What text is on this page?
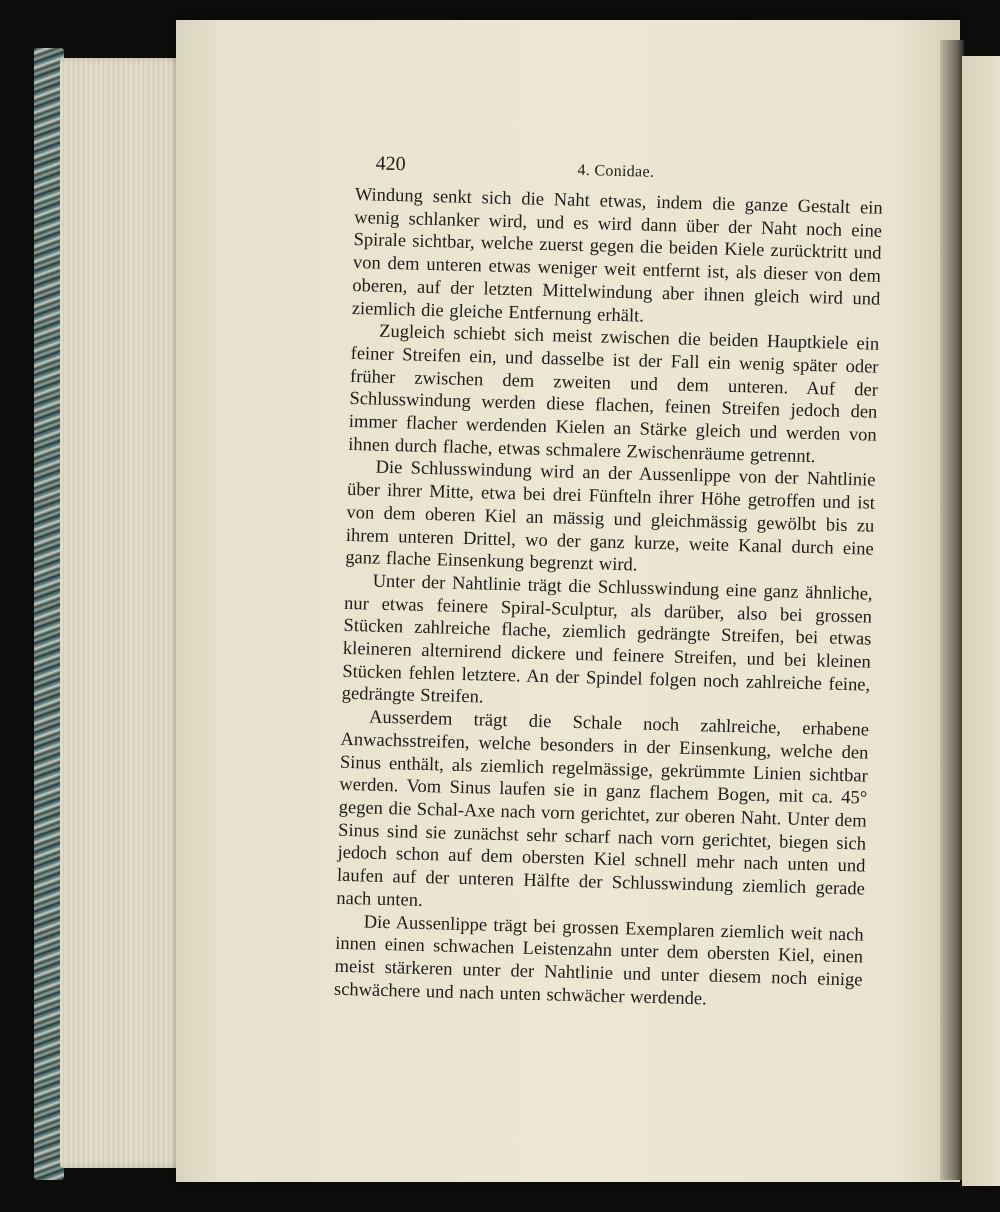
420	4. Conidae.

Windung senkt sich die Naht etwas, indem die ganze Gestalt ein wenig schlanker wird, und es wird dann über der Naht noch eine Spirale sichtbar, welche zuerst gegen die beiden Kiele zurücktritt und von dem unteren etwas weniger weit entfernt ist, als dieser von dem oberen, auf der letzten Mittelwindung aber ihnen gleich wird und ziemlich die gleiche Entfernung erhält.

Zugleich schiebt sich meist zwischen die beiden Hauptkiele ein feiner Streifen ein, und dasselbe ist der Fall ein wenig später oder früher zwischen dem zweiten und dem unteren. Auf der Schlusswindung werden diese flachen, feinen Streifen jedoch den immer flacher werdenden Kielen an Stärke gleich und werden von ihnen durch flache, etwas schmalere Zwischenräume getrennt.

Die Schlusswindung wird an der Aussenlippe von der Nahtlinie über ihrer Mitte, etwa bei drei Fünfteln ihrer Höhe getroffen und ist von dem oberen Kiel an mässig und gleichmässig gewölbt bis zu ihrem unteren Drittel, wo der ganz kurze, weite Kanal durch eine ganz flache Einsenkung begrenzt wird.

Unter der Nahtlinie trägt die Schlusswindung eine ganz ähnliche, nur etwas feinere Spiral-Sculptur, als darüber, also bei grossen Stücken zahlreiche flache, ziemlich gedrängte Streifen, bei etwas kleineren alternirend dickere und feinere Streifen, und bei kleinen Stücken fehlen letztere. An der Spindel folgen noch zahlreiche feine, gedrängte Streifen.

Ausserdem trägt die Schale noch zahlreiche, erhabene Anwachsstreifen, welche besonders in der Einsenkung, welche den Sinus enthält, als ziemlich regelmässige, gekrümmte Linien sichtbar werden. Vom Sinus laufen sie in ganz flachem Bogen, mit ca. 45° gegen die Schal-Axe nach vorn gerichtet, zur oberen Naht. Unter dem Sinus sind sie zunächst sehr scharf nach vorn gerichtet, biegen sich jedoch schon auf dem obersten Kiel schnell mehr nach unten und laufen auf der unteren Hälfte der Schlusswindung ziemlich gerade nach unten.

Die Aussenlippe trägt bei grossen Exemplaren ziemlich weit nach innen einen schwachen Leistenzahn unter dem obersten Kiel, einen meist stärkeren unter der Nahtlinie und unter diesem noch einige schwächere und nach unten schwächer werdende.
